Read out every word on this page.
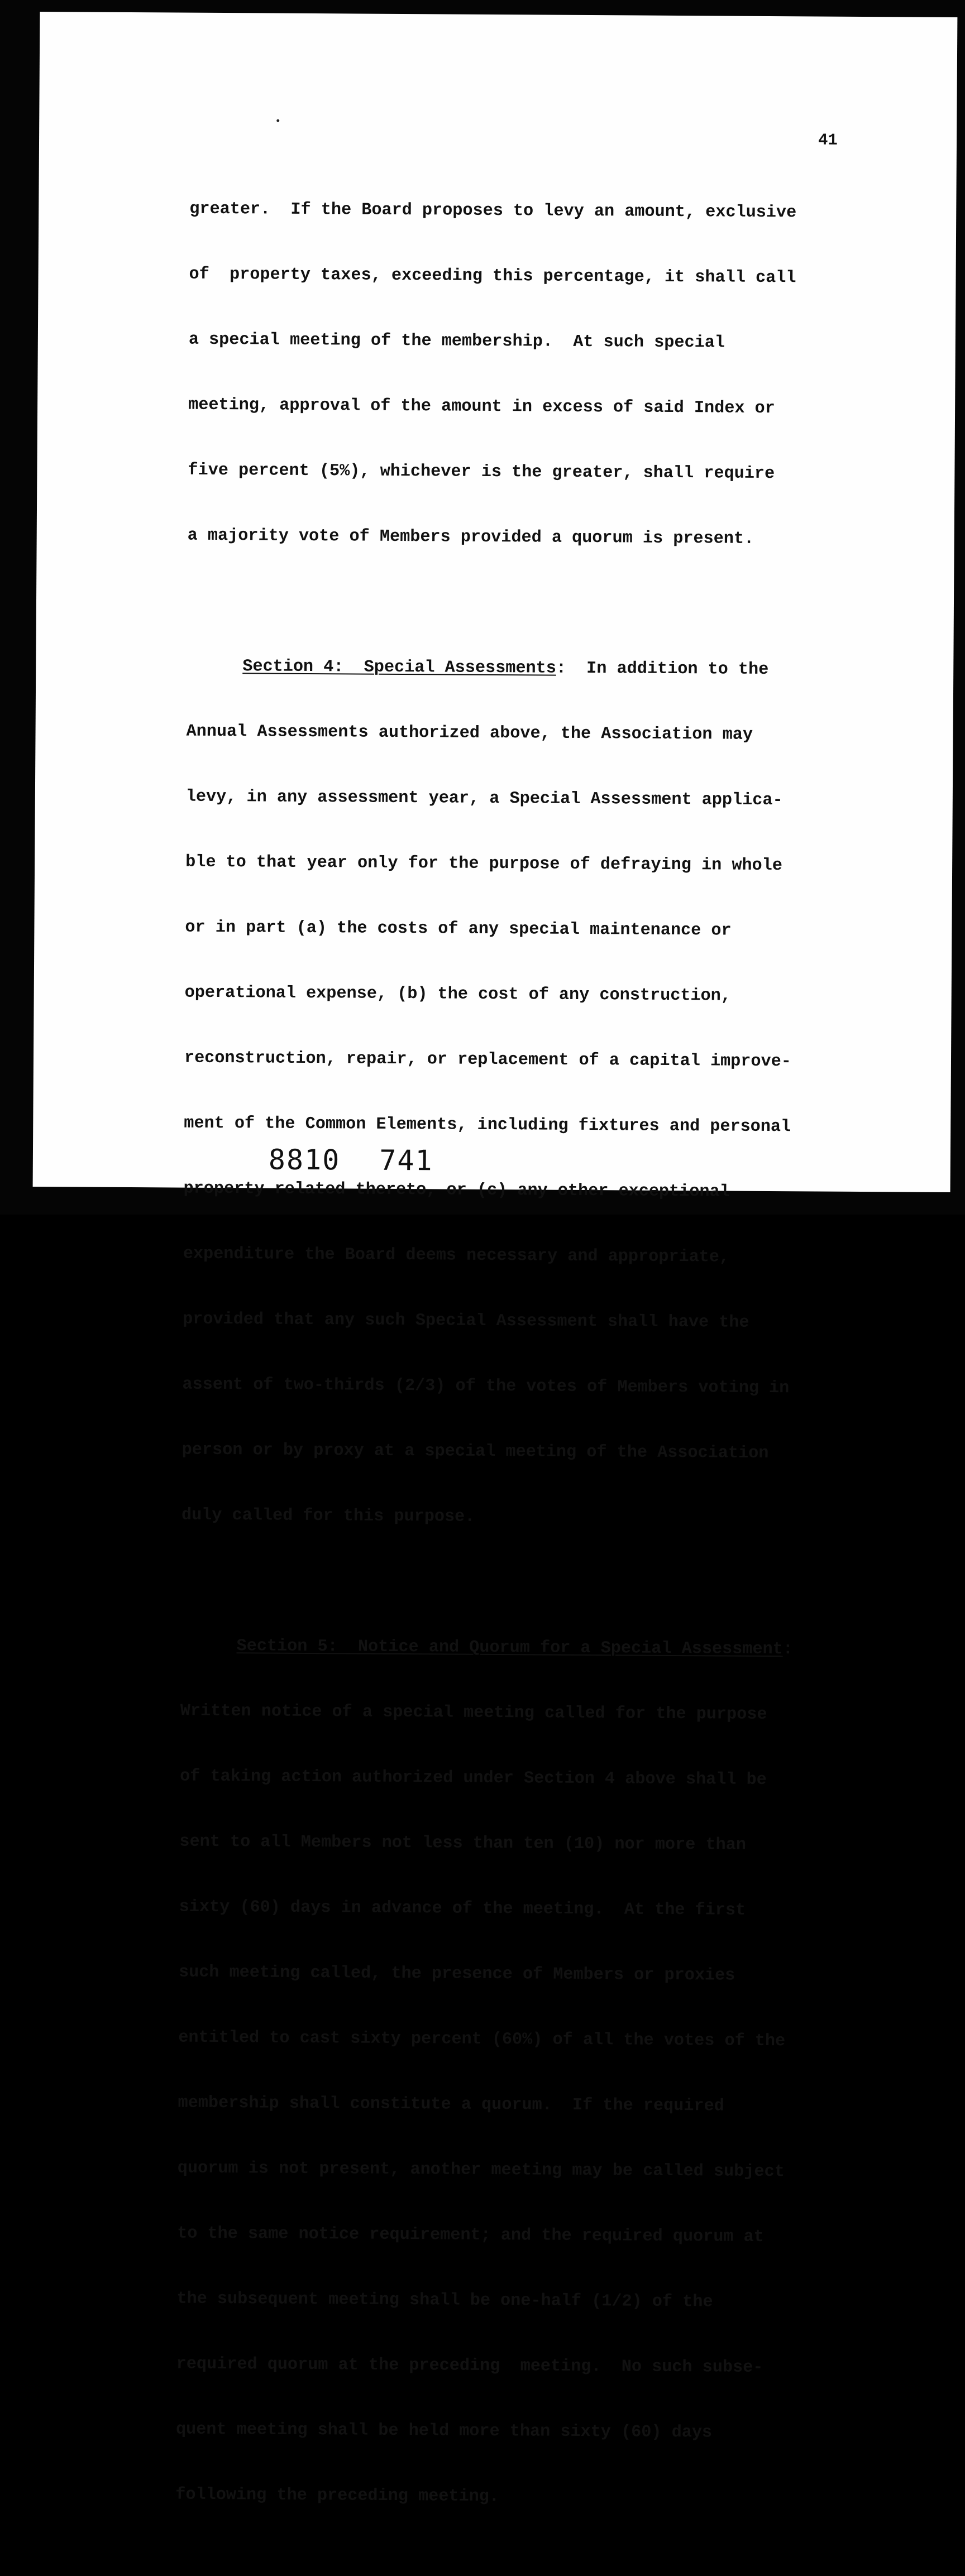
41

greater.  If the Board proposes to levy an amount, exclusive

of  property taxes, exceeding this percentage, it shall call

a special meeting of the membership.  At such special

meeting, approval of the amount in excess of said Index or

five percent (5%), whichever is the greater, shall require

a majority vote of Members provided a quorum is present.

Section 4:  Special Assessments:  In addition to the

Annual Assessments authorized above, the Association may

levy, in any assessment year, a Special Assessment applica-

ble to that year only for the purpose of defraying in whole

or in part (a) the costs of any special maintenance or

operational expense, (b) the cost of any construction,

reconstruction, repair, or replacement of a capital improve-

ment of the Common Elements, including fixtures and personal

property related thereto, or (c) any other exceptional

expenditure the Board deems necessary and appropriate,

provided that any such Special Assessment shall have the

assent of two-thirds (2/3) of the votes of Members voting in

person or by proxy at a special meeting of the Association

duly called for this purpose.

Section 5:  Notice and Quorum for a Special Assessment:

Written notice of a special meeting called for the purpose

of taking action authorized under Section 4 above shall be

sent to all Members not less than ten (10) nor more than

sixty (60) days in advance of the meeting.  At the first

such meeting called, the presence of Members or proxies

entitled to cast sixty percent (60%) of all the votes of the

membership shall constitute a quorum.  If the required

quorum is not present, another meeting may be called subject

to the same notice requirement; and the required quorum at

the subsequent meeting shall be one-half (1/2) of the

required quorum at the preceding  meeting.  No such subse-

quent meeting shall be held more than sixty (60) days

following the preceding meeting.

8810 741
